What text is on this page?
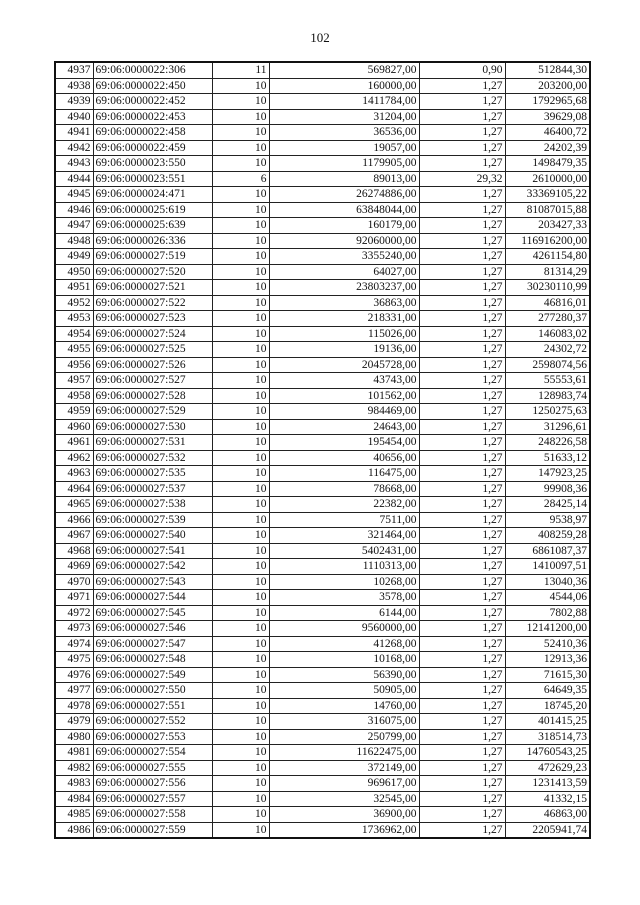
102
4937	69:06:0000022:306	11	569827,00	0,90	512844,30
4938	69:06:0000022:450	10	160000,00	1,27	203200,00
4939	69:06:0000022:452	10	1411784,00	1,27	1792965,68
4940	69:06:0000022:453	10	31204,00	1,27	39629,08
4941	69:06:0000022:458	10	36536,00	1,27	46400,72
4942	69:06:0000022:459	10	19057,00	1,27	24202,39
4943	69:06:0000023:550	10	1179905,00	1,27	1498479,35
4944	69:06:0000023:551	6	89013,00	29,32	2610000,00
4945	69:06:0000024:471	10	26274886,00	1,27	33369105,22
4946	69:06:0000025:619	10	63848044,00	1,27	81087015,88
4947	69:06:0000025:639	10	160179,00	1,27	203427,33
4948	69:06:0000026:336	10	92060000,00	1,27	116916200,00
4949	69:06:0000027:519	10	3355240,00	1,27	4261154,80
4950	69:06:0000027:520	10	64027,00	1,27	81314,29
4951	69:06:0000027:521	10	23803237,00	1,27	30230110,99
4952	69:06:0000027:522	10	36863,00	1,27	46816,01
4953	69:06:0000027:523	10	218331,00	1,27	277280,37
4954	69:06:0000027:524	10	115026,00	1,27	146083,02
4955	69:06:0000027:525	10	19136,00	1,27	24302,72
4956	69:06:0000027:526	10	2045728,00	1,27	2598074,56
4957	69:06:0000027:527	10	43743,00	1,27	55553,61
4958	69:06:0000027:528	10	101562,00	1,27	128983,74
4959	69:06:0000027:529	10	984469,00	1,27	1250275,63
4960	69:06:0000027:530	10	24643,00	1,27	31296,61
4961	69:06:0000027:531	10	195454,00	1,27	248226,58
4962	69:06:0000027:532	10	40656,00	1,27	51633,12
4963	69:06:0000027:535	10	116475,00	1,27	147923,25
4964	69:06:0000027:537	10	78668,00	1,27	99908,36
4965	69:06:0000027:538	10	22382,00	1,27	28425,14
4966	69:06:0000027:539	10	7511,00	1,27	9538,97
4967	69:06:0000027:540	10	321464,00	1,27	408259,28
4968	69:06:0000027:541	10	5402431,00	1,27	6861087,37
4969	69:06:0000027:542	10	1110313,00	1,27	1410097,51
4970	69:06:0000027:543	10	10268,00	1,27	13040,36
4971	69:06:0000027:544	10	3578,00	1,27	4544,06
4972	69:06:0000027:545	10	6144,00	1,27	7802,88
4973	69:06:0000027:546	10	9560000,00	1,27	12141200,00
4974	69:06:0000027:547	10	41268,00	1,27	52410,36
4975	69:06:0000027:548	10	10168,00	1,27	12913,36
4976	69:06:0000027:549	10	56390,00	1,27	71615,30
4977	69:06:0000027:550	10	50905,00	1,27	64649,35
4978	69:06:0000027:551	10	14760,00	1,27	18745,20
4979	69:06:0000027:552	10	316075,00	1,27	401415,25
4980	69:06:0000027:553	10	250799,00	1,27	318514,73
4981	69:06:0000027:554	10	11622475,00	1,27	14760543,25
4982	69:06:0000027:555	10	372149,00	1,27	472629,23
4983	69:06:0000027:556	10	969617,00	1,27	1231413,59
4984	69:06:0000027:557	10	32545,00	1,27	41332,15
4985	69:06:0000027:558	10	36900,00	1,27	46863,00
4986	69:06:0000027:559	10	1736962,00	1,27	2205941,74
